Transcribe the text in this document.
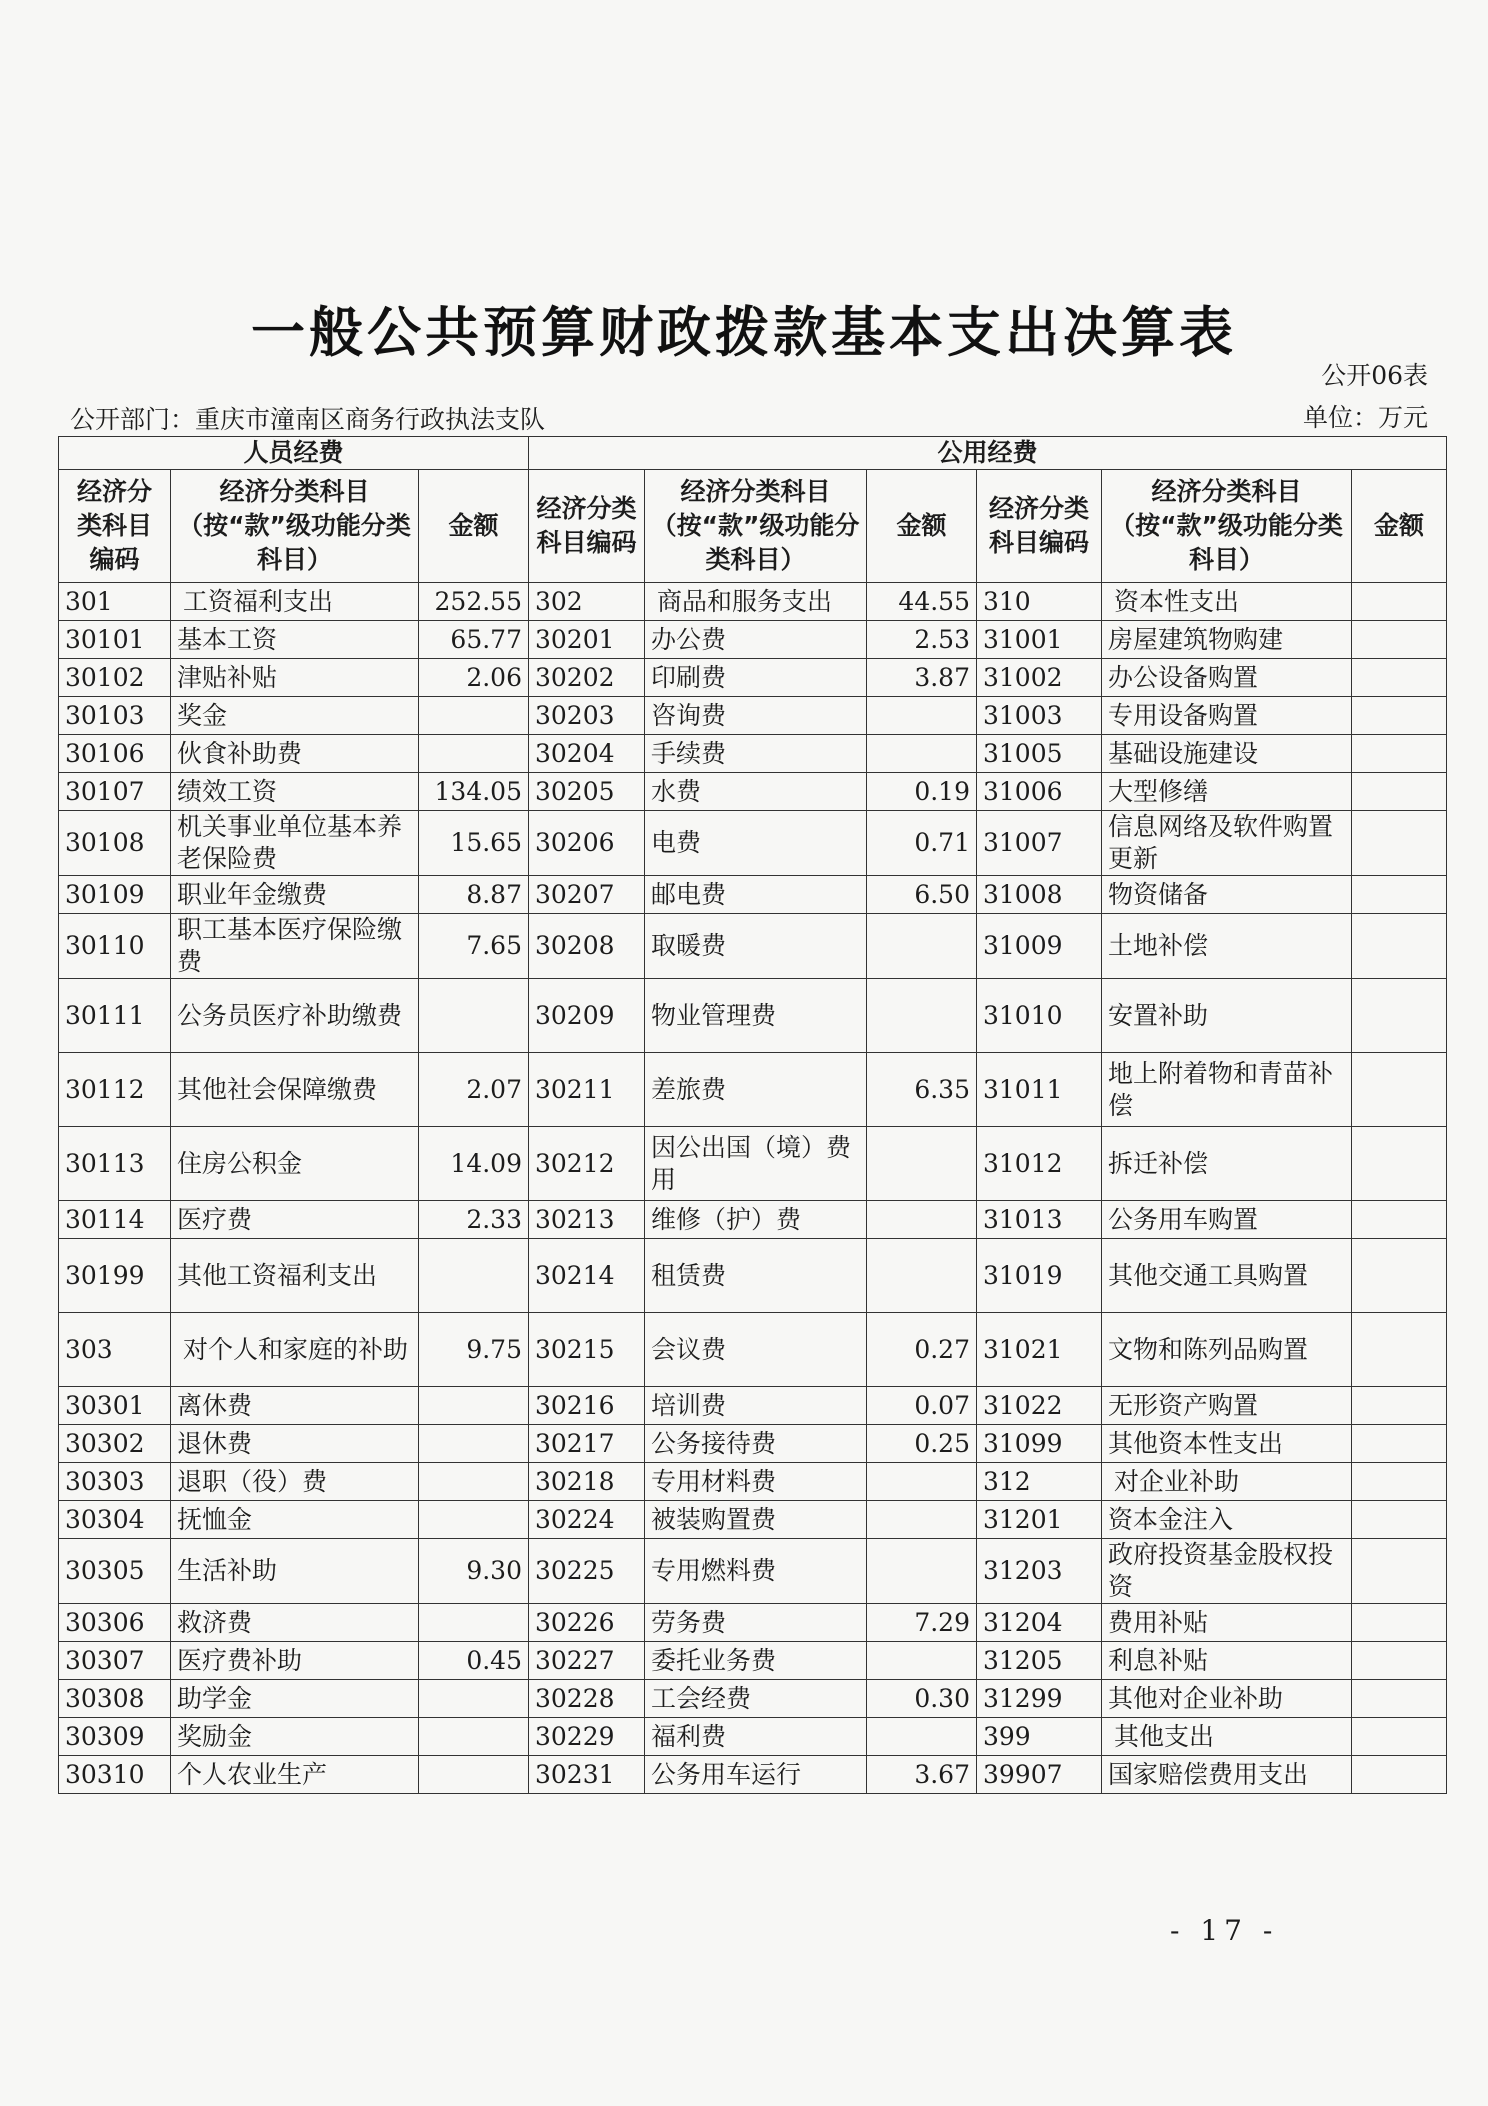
一般公共预算财政拨款基本支出决算表
公开06表
公开部门：重庆市潼南区商务行政执法支队	单位：万元
人员经费			公用经费					
经济分类科目编码	经济分类科目（按“款”级功能分类科目）	金额	经济分类科目编码	经济分类科目（按“款”级功能分类科目）	金额	经济分类科目编码	经济分类科目（按“款”级功能分类科目）	金额
301	工资福利支出	252.55	302	商品和服务支出	44.55	310	资本性支出	
30101	基本工资	65.77	30201	办公费	2.53	31001	房屋建筑物购建	
30102	津贴补贴	2.06	30202	印刷费	3.87	31002	办公设备购置	
30103	奖金		30203	咨询费		31003	专用设备购置	
30106	伙食补助费		30204	手续费		31005	基础设施建设	
30107	绩效工资	134.05	30205	水费	0.19	31006	大型修缮	
30108	机关事业单位基本养老保险费	15.65	30206	电费	0.71	31007	信息网络及软件购置更新	
30109	职业年金缴费	8.87	30207	邮电费	6.50	31008	物资储备	
30110	职工基本医疗保险缴费	7.65	30208	取暖费		31009	土地补偿	
30111	公务员医疗补助缴费		30209	物业管理费		31010	安置补助	
30112	其他社会保障缴费	2.07	30211	差旅费	6.35	31011	地上附着物和青苗补偿	
30113	住房公积金	14.09	30212	因公出国（境）费用		31012	拆迁补偿	
30114	医疗费	2.33	30213	维修（护）费		31013	公务用车购置	
30199	其他工资福利支出		30214	租赁费		31019	其他交通工具购置	
303	对个人和家庭的补助	9.75	30215	会议费	0.27	31021	文物和陈列品购置	
30301	离休费		30216	培训费	0.07	31022	无形资产购置	
30302	退休费		30217	公务接待费	0.25	31099	其他资本性支出	
30303	退职（役）费		30218	专用材料费		312	对企业补助	
30304	抚恤金		30224	被装购置费		31201	资本金注入	
30305	生活补助	9.30	30225	专用燃料费		31203	政府投资基金股权投资	
30306	救济费		30226	劳务费	7.29	31204	费用补贴	
30307	医疗费补助	0.45	30227	委托业务费		31205	利息补贴	
30308	助学金		30228	工会经费	0.30	31299	其他对企业补助	
30309	奖励金		30229	福利费		399	其他支出	
30310	个人农业生产		30231	公务用车运行	3.67	39907	国家赔偿费用支出	
- 17 -
